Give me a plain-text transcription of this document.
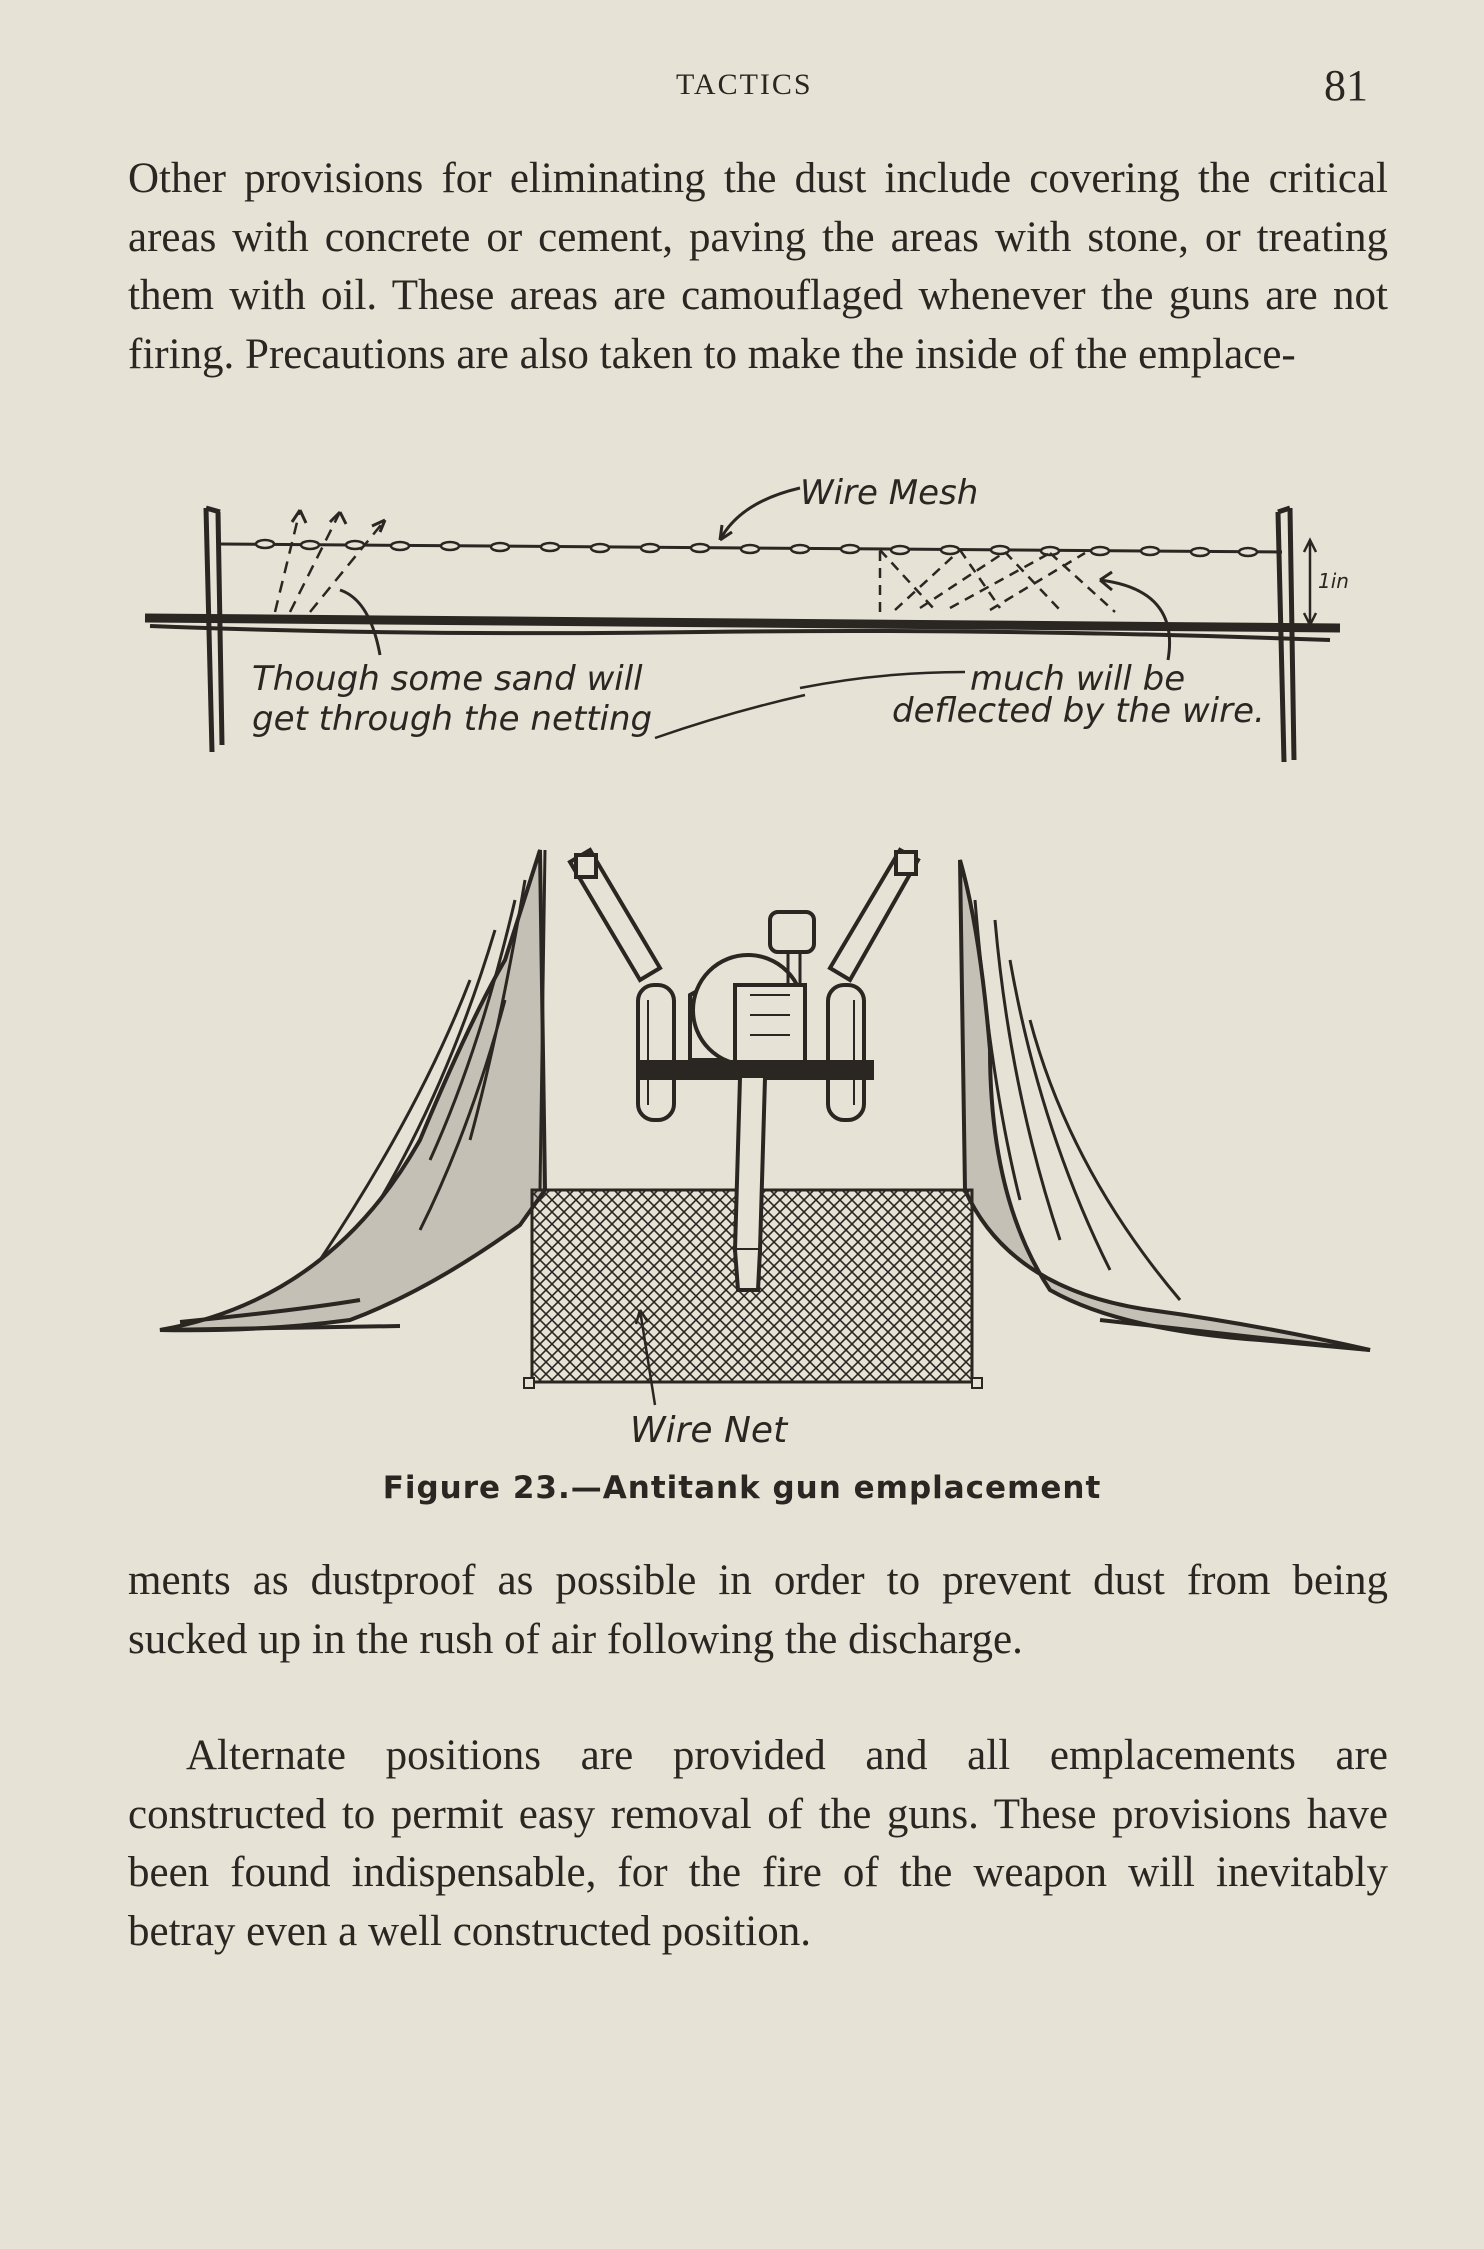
TACTICS	81

Other provisions for eliminating the dust include covering the critical areas with concrete or cement, paving the areas with stone, or treating them with oil. These areas are camouflaged whenever the guns are not firing. Precautions are also taken to make the inside of the emplace-

Wire Mesh
1in
Though some sand will
get through the netting
much will be
deflected by the wire.
Wire Net
Figure 23.—Antitank gun emplacement

ments as dustproof as possible in order to prevent dust from being sucked up in the rush of air following the discharge.

Alternate positions are provided and all emplacements are constructed to permit easy removal of the guns. These provisions have been found indispensable, for the fire of the weapon will inevitably betray even a well constructed position.
